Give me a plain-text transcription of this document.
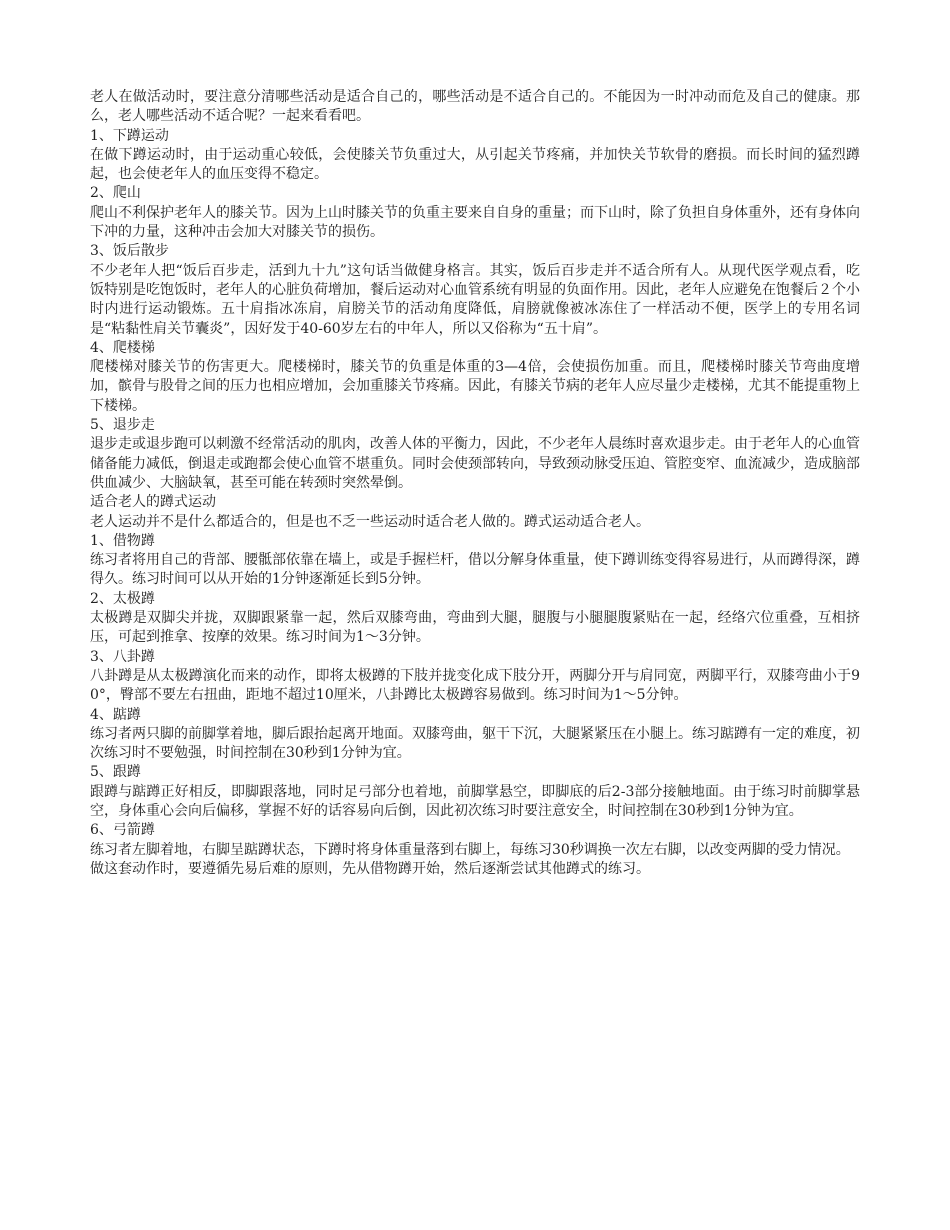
老人在做活动时，要注意分清哪些活动是适合自己的，哪些活动是不适合自己的。不能因为一时冲动而危及自己的健康。那么，老人哪些活动不适合呢？一起来看看吧。

1、下蹲运动

在做下蹲运动时，由于运动重心较低，会使膝关节负重过大，从引起关节疼痛，并加快关节软骨的磨损。而长时间的猛烈蹲起，也会使老年人的血压变得不稳定。

2、爬山

爬山不利保护老年人的膝关节。因为上山时膝关节的负重主要来自自身的重量；而下山时，除了负担自身体重外，还有身体向下冲的力量，这种冲击会加大对膝关节的损伤。

3、饭后散步

不少老年人把“饭后百步走，活到九十九”这句话当做健身格言。其实，饭后百步走并不适合所有人。从现代医学观点看，吃饭特别是吃饱饭时，老年人的心脏负荷增加，餐后运动对心血管系统有明显的负面作用。因此，老年人应避免在饱餐后２个小时内进行运动锻炼。五十肩指冰冻肩，肩膀关节的活动角度降低，肩膀就像被冰冻住了一样活动不便，医学上的专用名词是“粘黏性肩关节囊炎”，因好发于40-60岁左右的中年人，所以又俗称为“五十肩”。

4、爬楼梯

爬楼梯对膝关节的伤害更大。爬楼梯时，膝关节的负重是体重的3—4倍，会使损伤加重。而且，爬楼梯时膝关节弯曲度增加，髌骨与股骨之间的压力也相应增加，会加重膝关节疼痛。因此，有膝关节病的老年人应尽量少走楼梯，尤其不能提重物上下楼梯。

5、退步走

退步走或退步跑可以刺激不经常活动的肌肉，改善人体的平衡力，因此，不少老年人晨练时喜欢退步走。由于老年人的心血管储备能力减低，倒退走或跑都会使心血管不堪重负。同时会使颈部转向，导致颈动脉受压迫、管腔变窄、血流减少，造成脑部供血减少、大脑缺氧，甚至可能在转颈时突然晕倒。

适合老人的蹲式运动

老人运动并不是什么都适合的，但是也不乏一些运动时适合老人做的。蹲式运动适合老人。

1、借物蹲

练习者将用自己的背部、腰骶部依靠在墙上，或是手握栏杆，借以分解身体重量，使下蹲训练变得容易进行，从而蹲得深，蹲得久。练习时间可以从开始的1分钟逐渐延长到5分钟。

2、太极蹲

太极蹲是双脚尖并拢，双脚跟紧靠一起，然后双膝弯曲，弯曲到大腿，腿腹与小腿腿腹紧贴在一起，经络穴位重叠，互相挤压，可起到推拿、按摩的效果。练习时间为1～3分钟。

3、八卦蹲

八卦蹲是从太极蹲演化而来的动作，即将太极蹲的下肢并拢变化成下肢分开，两脚分开与肩同宽，两脚平行，双膝弯曲小于90°，臀部不要左右扭曲，距地不超过10厘米，八卦蹲比太极蹲容易做到。练习时间为1～5分钟。

4、踮蹲

练习者两只脚的前脚掌着地，脚后跟抬起离开地面。双膝弯曲，躯干下沉，大腿紧紧压在小腿上。练习踮蹲有一定的难度，初次练习时不要勉强，时间控制在30秒到1分钟为宜。

5、跟蹲

跟蹲与踮蹲正好相反，即脚跟落地，同时足弓部分也着地，前脚掌悬空，即脚底的后2-3部分接触地面。由于练习时前脚掌悬空，身体重心会向后偏移，掌握不好的话容易向后倒，因此初次练习时要注意安全，时间控制在30秒到1分钟为宜。

6、弓箭蹲

练习者左脚着地，右脚呈踮蹲状态，下蹲时将身体重量落到右脚上，每练习30秒调换一次左右脚，以改变两脚的受力情况。

做这套动作时，要遵循先易后难的原则，先从借物蹲开始，然后逐渐尝试其他蹲式的练习。
